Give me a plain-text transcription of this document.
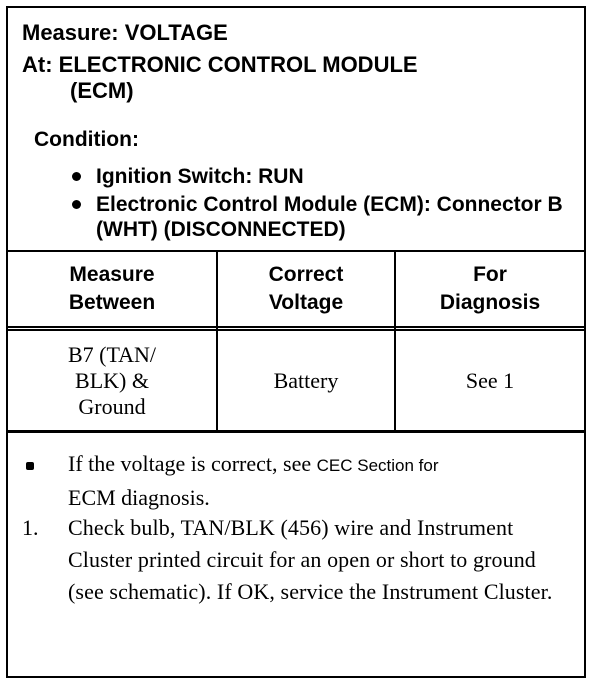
Measure: VOLTAGE
At: ELECTRONIC CONTROL MODULE
(ECM)
Condition:
Ignition Switch: RUN
Electronic Control Module (ECM): Connector B (WHT) (DISCONNECTED)
Measure Between
Correct Voltage
For Diagnosis
B7 (TAN/ BLK) & Ground
Battery	See 1
If the voltage is correct, see CEC Section for
ECM diagnosis.
1.	Check bulb, TAN/BLK (456) wire and Instrument Cluster printed circuit for an open or short to ground (see schematic). If OK, service the Instrument Cluster.
